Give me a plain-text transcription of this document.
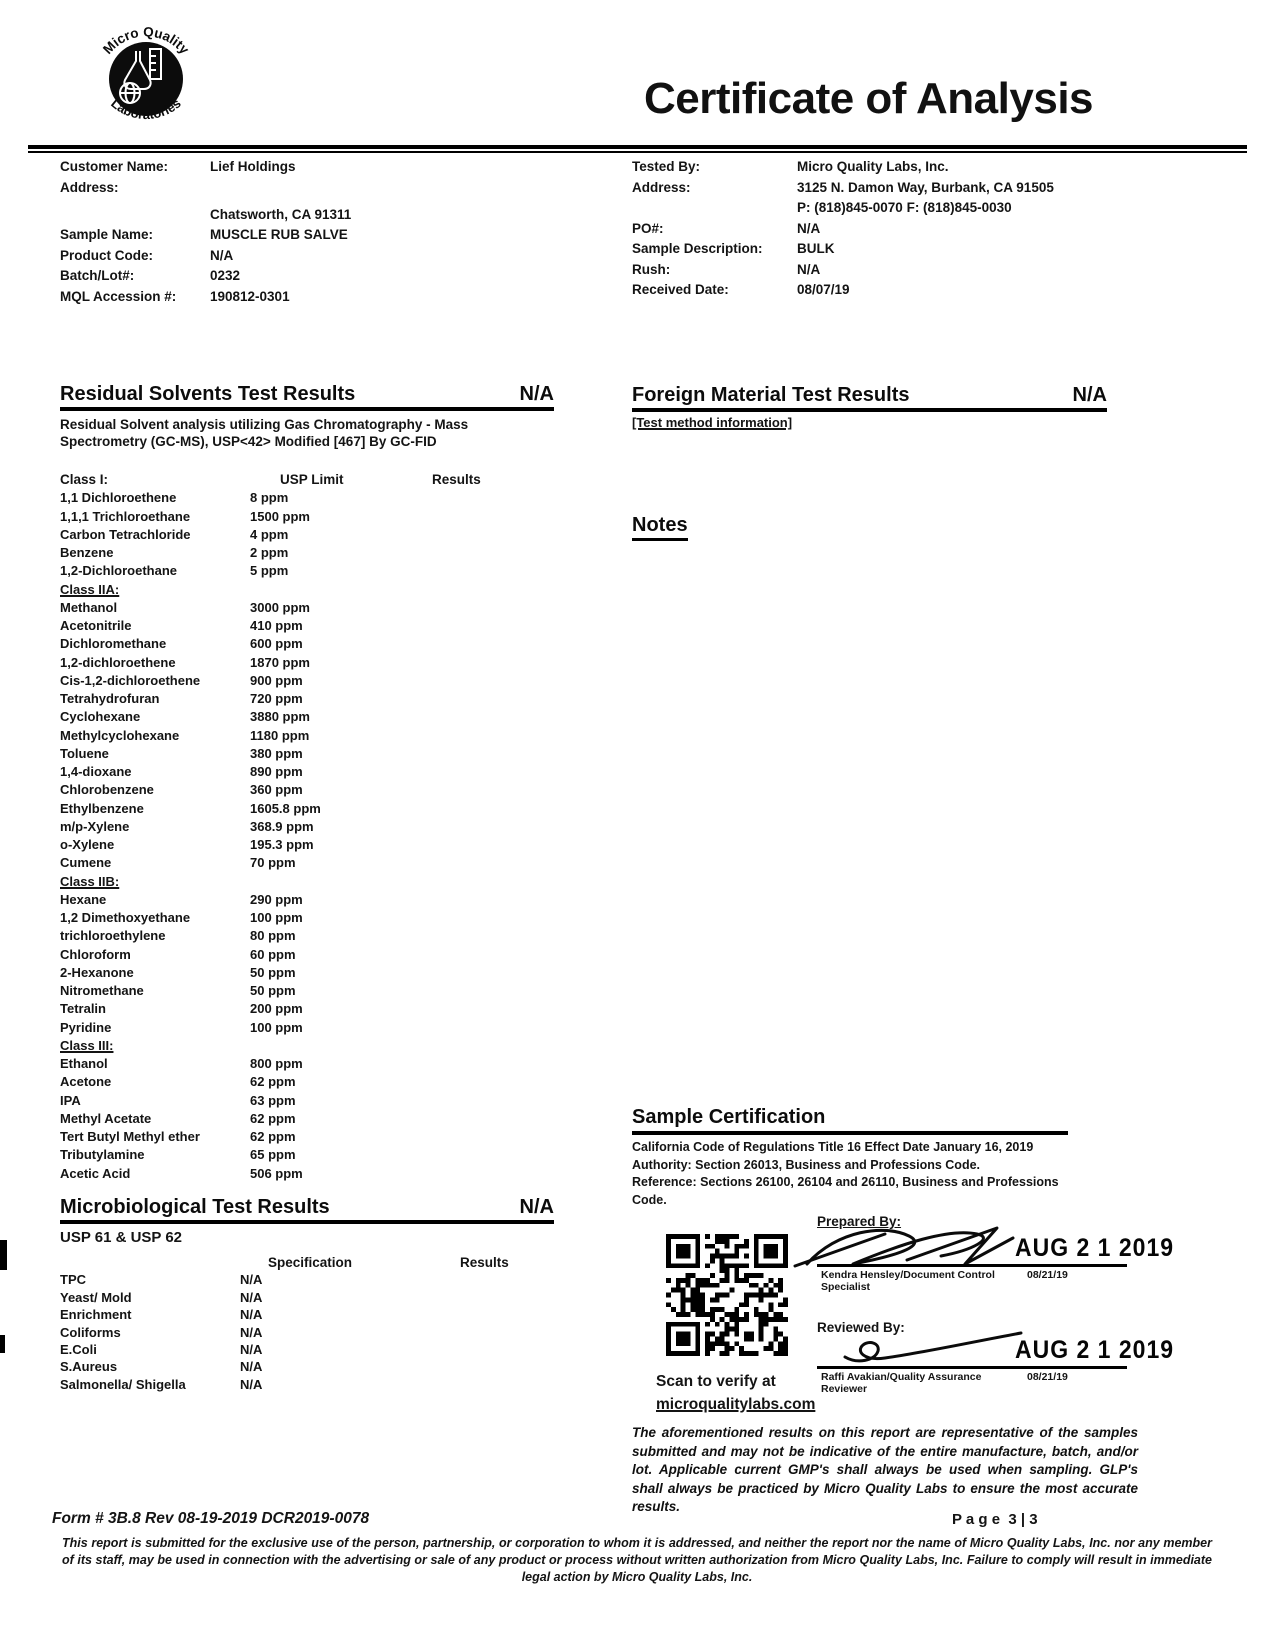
Micro Quality
Laboratories	Certificate of Analysis
Customer Name:	Lief Holdings
Address:
Chatsworth, CA 91311
Sample Name:	MUSCLE RUB SALVE
Product Code:	N/A
Batch/Lot#:	0232
MQL Accession #:	190812-0301
Tested By:	Micro Quality Labs, Inc.
Address:	3125 N. Damon Way, Burbank, CA 91505
P: (818)845-0070 F: (818)845-0030
PO#:	N/A
Sample Description:	BULK
Rush:	N/A
Received Date:	08/07/19
Residual Solvents Test Results	N/A
Residual Solvent analysis utilizing Gas Chromatography - Mass Spectrometry (GC-MS), USP<42> Modified [467] By GC-FID
Class I:	USP Limit	Results
1,1 Dichloroethene	8 ppm
1,1,1 Trichloroethane	1500 ppm
Carbon Tetrachloride	4 ppm
Benzene	2 ppm
1,2-Dichloroethane	5 ppm
Class IIA:
Methanol	3000 ppm
Acetonitrile	410 ppm
Dichloromethane	600 ppm
1,2-dichloroethene	1870 ppm
Cis-1,2-dichloroethene	900 ppm
Tetrahydrofuran	720 ppm
Cyclohexane	3880 ppm
Methylcyclohexane	1180 ppm
Toluene	380 ppm
1,4-dioxane	890 ppm
Chlorobenzene	360 ppm
Ethylbenzene	1605.8 ppm
m/p-Xylene	368.9 ppm
o-Xylene	195.3 ppm
Cumene	70 ppm
Class IIB:
Hexane	290 ppm
1,2 Dimethoxyethane	100 ppm
trichloroethylene	80 ppm
Chloroform	60 ppm
2-Hexanone	50 ppm
Nitromethane	50 ppm
Tetralin	200 ppm
Pyridine	100 ppm
Class III:
Ethanol	800 ppm
Acetone	62 ppm
IPA	63 ppm
Methyl Acetate	62 ppm
Tert Butyl Methyl ether	62 ppm
Tributylamine	65 ppm
Acetic Acid	506 ppm
Microbiological Test Results	N/A
USP 61 & USP 62
Specification	Results
TPC	N/A
Yeast/ Mold	N/A
Enrichment	N/A
Coliforms	N/A
E.Coli	N/A
S.Aureus	N/A
Salmonella/ Shigella	N/A
Foreign Material Test Results	N/A
[Test method information]
Notes
Sample Certification
California Code of Regulations Title 16 Effect Date January 16, 2019
Authority: Section 26013, Business and Professions Code.
Reference: Sections 26100, 26104 and 26110, Business and Professions Code.
Scan to verify at
microqualitylabs.com
Prepared By:
AUG 2 1 2019
Kendra Hensley/Document Control Specialist
08/21/19
Reviewed By:
AUG 2 1 2019
Raffi Avakian/Quality Assurance Reviewer
08/21/19
The aforementioned results on this report are representative of the samples submitted and may not be indicative of the entire manufacture, batch, and/or lot. Applicable current GMP's shall always be used when sampling. GLP's shall always be practiced by Micro Quality Labs to ensure the most accurate results.
Form # 3B.8 Rev 08-19-2019 DCR2019-0078	P a g e  3 | 3
This report is submitted for the exclusive use of the person, partnership, or corporation to whom it is addressed, and neither the report nor the name of Micro Quality Labs, Inc. nor any member of its staff, may be used in connection with the advertising or sale of any product or process without written authorization from Micro Quality Labs, Inc. Failure to comply will result in immediate legal action by Micro Quality Labs, Inc.
